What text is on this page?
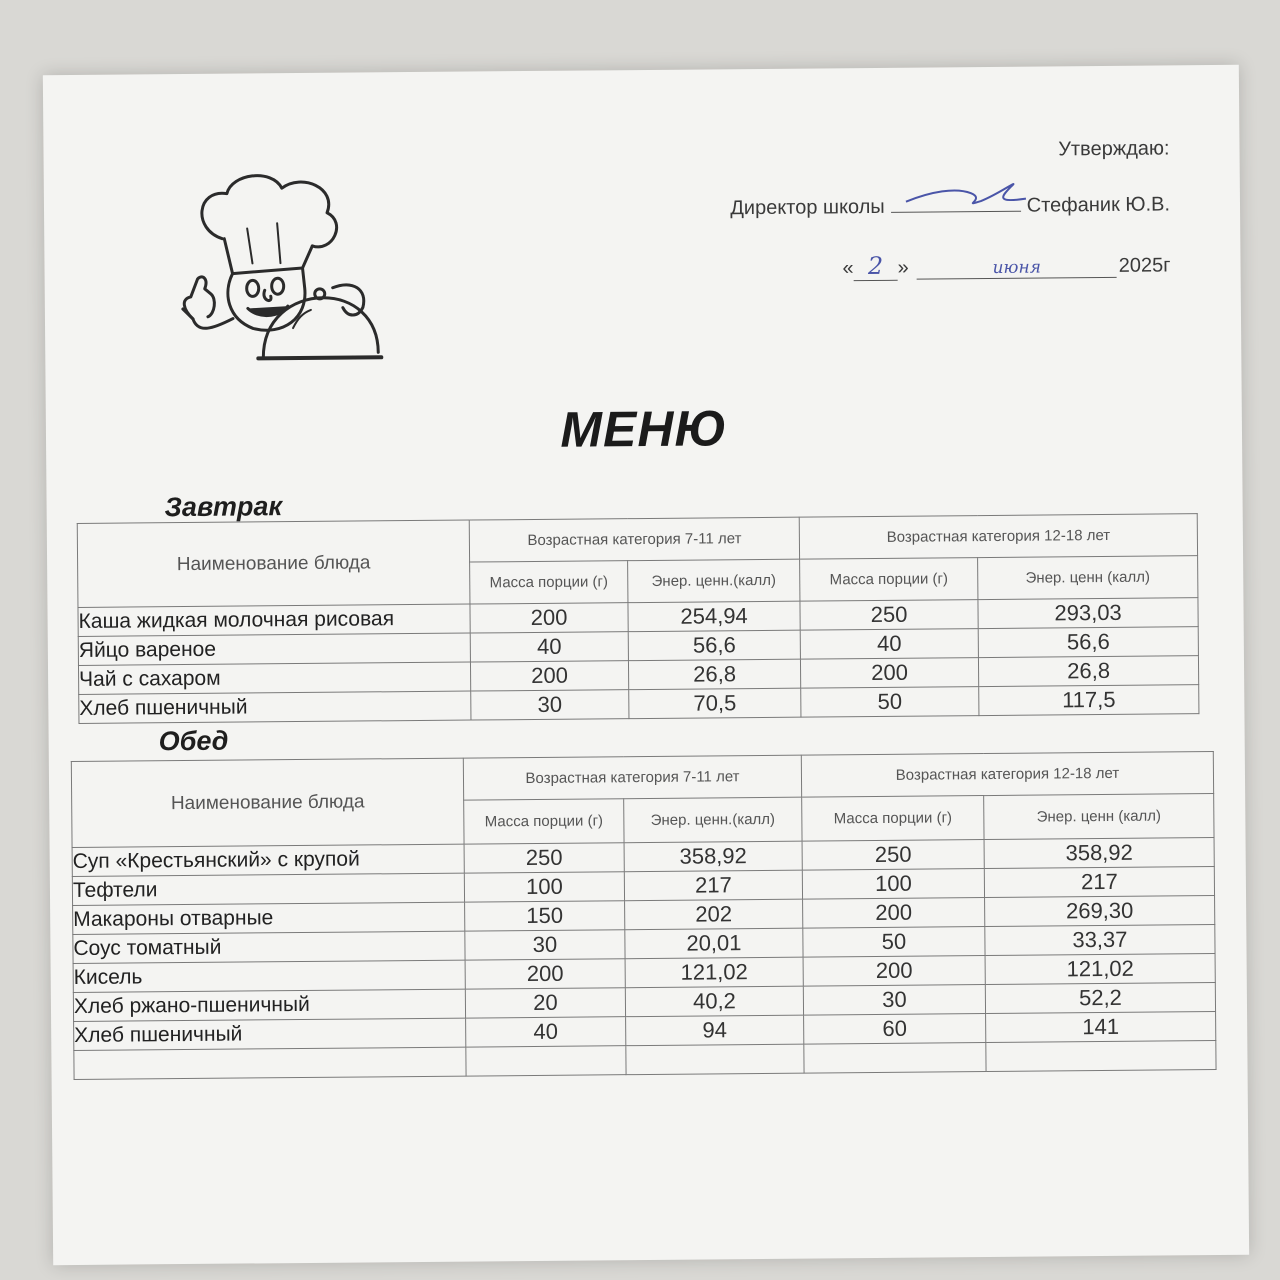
Утверждаю:
Директор школы	Стефаник Ю.В.
« 2 »	июня	2025г
МЕНЮ
Завтрак
Наименование блюда	Возрастная категория 7-11 лет		Возрастная категория 12-18 лет	
	Масса порции (г)	Энер. ценн.(калл)	Масса порции (г)	Энер. ценн (калл)
Каша жидкая молочная рисовая	200	254,94	250	293,03
Яйцо вареное	40	56,6	40	56,6
Чай с сахаром	200	26,8	200	26,8
Хлеб пшеничный	30	70,5	50	117,5
Обед
Наименование блюда	Возрастная категория 7-11 лет		Возрастная категория 12-18 лет	
	Масса порции (г)	Энер. ценн.(калл)	Масса порции (г)	Энер. ценн (калл)
Суп «Крестьянский» с крупой	250	358,92	250	358,92
Тефтели	100	217	100	217
Макароны отварные	150	202	200	269,30
Соус томатный	30	20,01	50	33,37
Кисель	200	121,02	200	121,02
Хлеб ржано-пшеничный	20	40,2	30	52,2
Хлеб пшеничный	40	94	60	141
